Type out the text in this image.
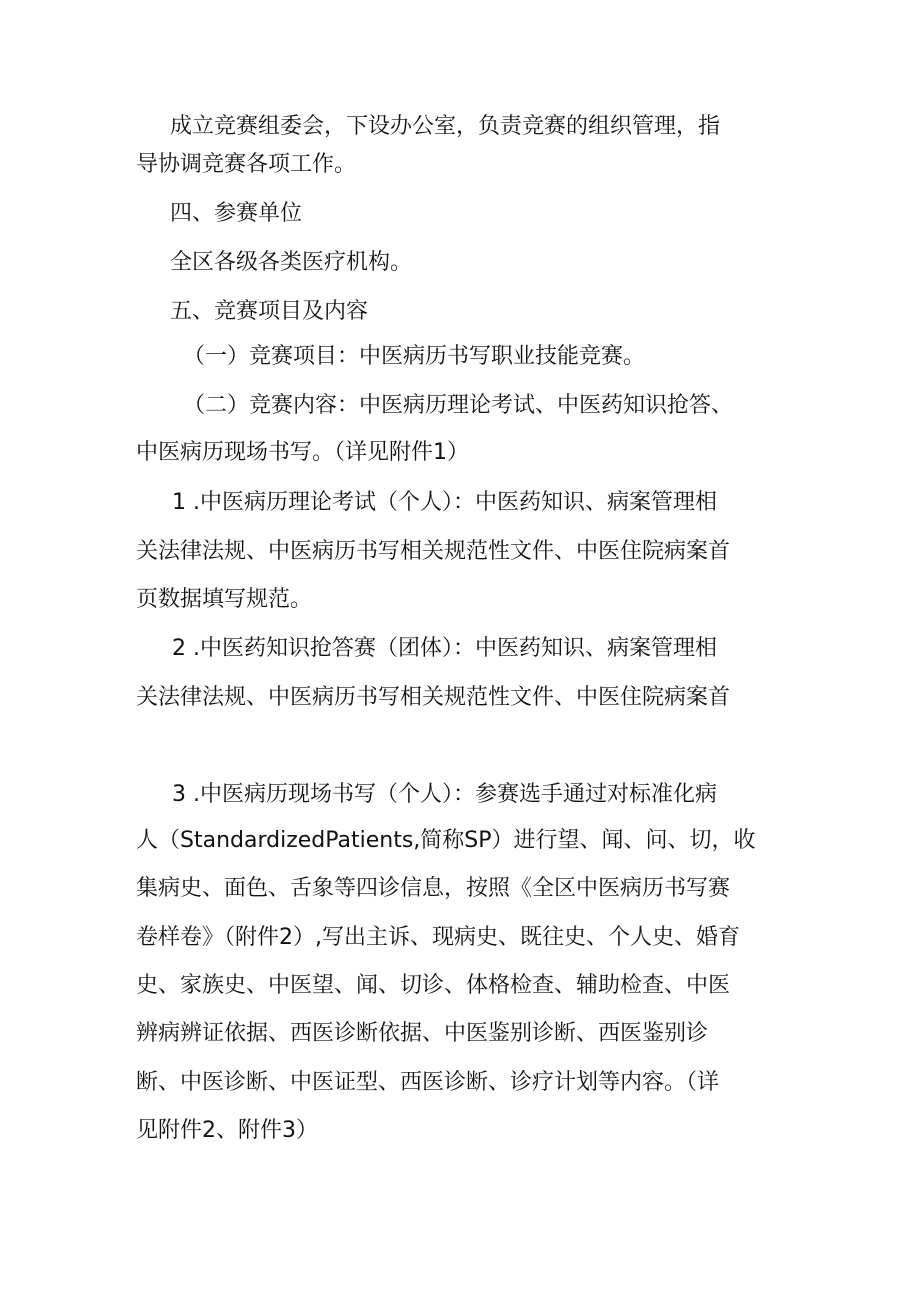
成立竞赛组委会，下设办公室，负责竞赛的组织管理，指
导协调竞赛各项工作。
四、参赛单位
全区各级各类医疗机构。
五、竞赛项目及内容
（一）竞赛项目：中医病历书写职业技能竞赛。
（二）竞赛内容：中医病历理论考试、中医药知识抢答、
中医病历现场书写。（详见附件1）
1 .中医病历理论考试（个人）：中医药知识、病案管理相
关法律法规、中医病历书写相关规范性文件、中医住院病案首
页数据填写规范。
2 .中医药知识抢答赛（团体）：中医药知识、病案管理相
关法律法规、中医病历书写相关规范性文件、中医住院病案首
3 .中医病历现场书写（个人）：参赛选手通过对标准化病
人（StandardizedPatients,简称SP）进行望、闻、问、切，收
集病史、面色、舌象等四诊信息，按照《全区中医病历书写赛
卷样卷》（附件2）,写出主诉、现病史、既往史、个人史、婚育
史、家族史、中医望、闻、切诊、体格检查、辅助检查、中医
辨病辨证依据、西医诊断依据、中医鉴别诊断、西医鉴别诊
断、中医诊断、中医证型、西医诊断、诊疗计划等内容。（详
见附件2、附件3）
